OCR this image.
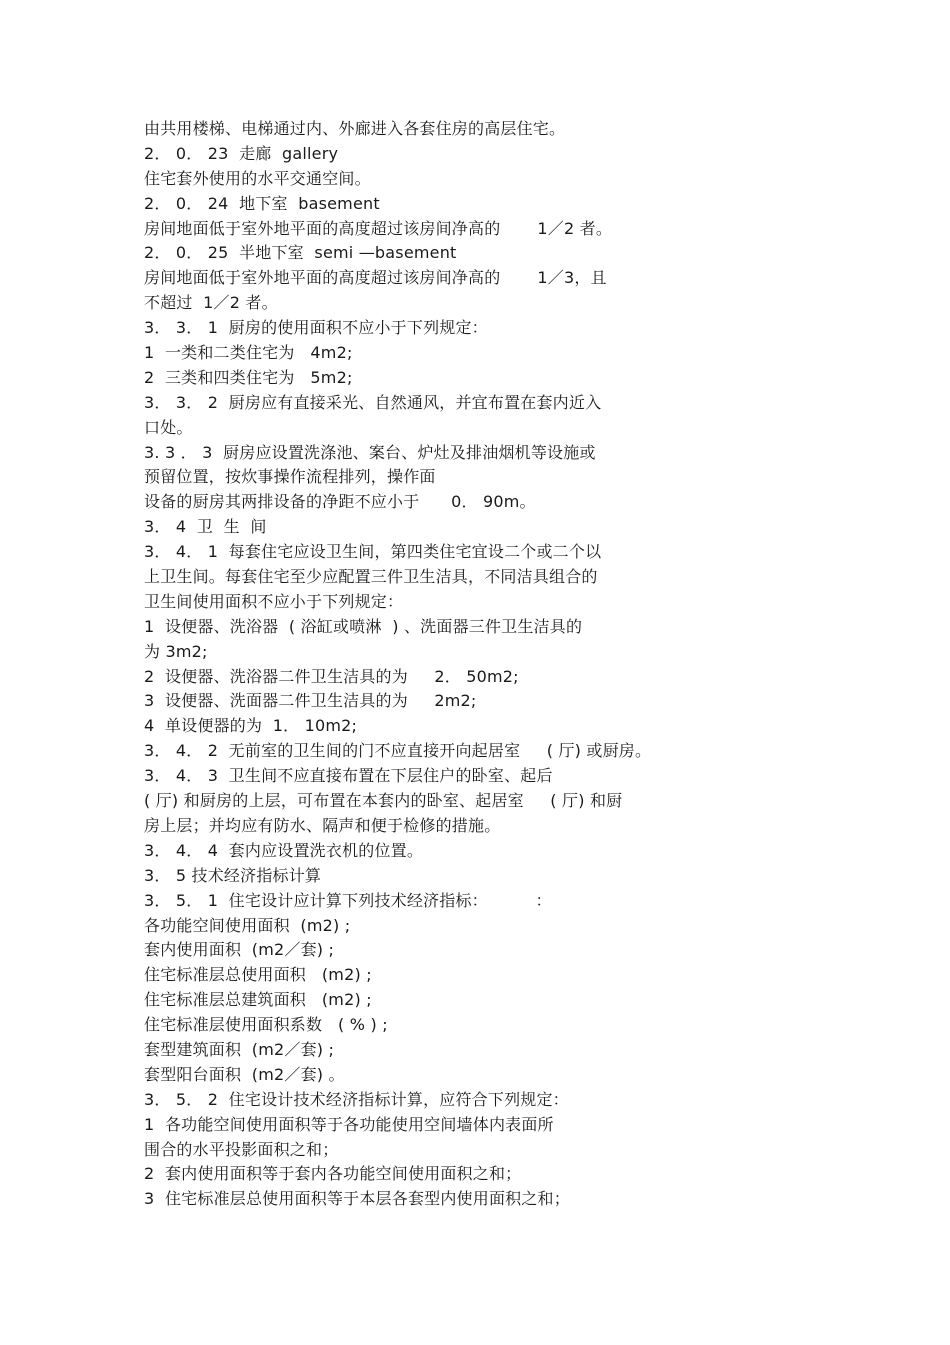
由共用楼梯、电梯通过内、外廊进入各套住房的高层住宅。
2． 0． 23  走廊  gallery
住宅套外使用的水平交通空间。
2． 0． 24  地下室  basement
房间地面低于室外地平面的高度超过该房间净高的       1／2 者。
2． 0． 25  半地下室  semi —basement
房间地面低于室外地平面的高度超过该房间净高的       1／3，且
不超过  1／2 者。
3． 3． 1  厨房的使用面积不应小于下列规定：
1  一类和二类住宅为   4m2;
2  三类和四类住宅为   5m2;
3． 3． 2  厨房应有直接采光、自然通风，并宜布置在套内近入
口处。
3. 3 ． 3  厨房应设置洗涤池、案台、炉灶及排油烟机等设施或
预留位置，按炊事操作流程排列，操作面
设备的厨房其两排设备的净距不应小于      0． 90m。
3． 4  卫  生  间
3． 4． 1  每套住宅应设卫生间，第四类住宅宜设二个或二个以
上卫生间。每套住宅至少应配置三件卫生洁具，不同洁具组合的
卫生间使用面积不应小于下列规定：
1  设便器、洗浴器  ( 浴缸或喷淋  ) 、洗面器三件卫生洁具的
为 3m2;
2  设便器、洗浴器二件卫生洁具的为     2． 50m2;
3  设便器、洗面器二件卫生洁具的为     2m2;
4  单设便器的为  1． 10m2;
3． 4． 2  无前室的卫生间的门不应直接开向起居室     ( 厅) 或厨房。
3． 4． 3  卫生间不应直接布置在下层住户的卧室、起后
( 厅) 和厨房的上层，可布置在本套内的卧室、起居室     ( 厅) 和厨
房上层；并均应有防水、隔声和便于检修的措施。
3． 4． 4  套内应设置洗衣机的位置。
3． 5 技术经济指标计算
3． 5． 1  住宅设计应计算下列技术经济指标：         ：
各功能空间使用面积  (m2) ;
套内使用面积  (m2／套) ;
住宅标准层总使用面积   (m2) ;
住宅标准层总建筑面积   (m2) ;
住宅标准层使用面积系数   ( % ) ;
套型建筑面积  (m2／套) ;
套型阳台面积  (m2／套) 。
3． 5． 2  住宅设计技术经济指标计算，应符合下列规定：
1  各功能空间使用面积等于各功能使用空间墙体内表面所
围合的水平投影面积之和；
2  套内使用面积等于套内各功能空间使用面积之和；
3  住宅标准层总使用面积等于本层各套型内使用面积之和；
